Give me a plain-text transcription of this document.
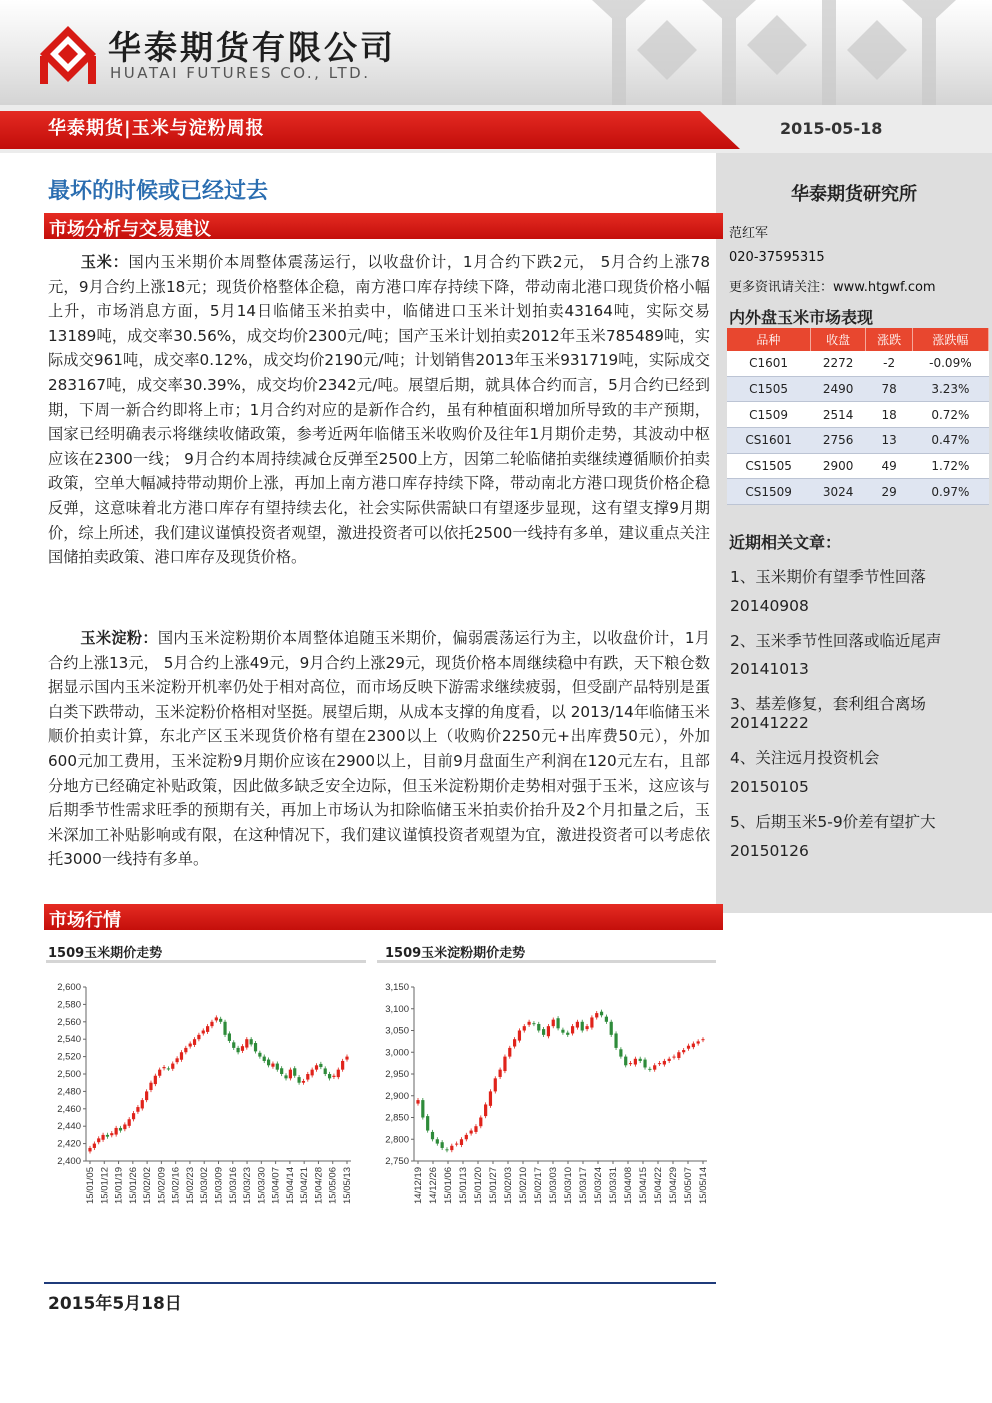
华泰期货有限公司
HUATAI FUTURES CO., LTD.
华泰期货|玉米与淀粉周报	2015-05-18
最坏的时候或已经过去
市场分析与交易建议

玉米：国内玉米期价本周整体震荡运行，以收盘价计，1月合约下跌2元， 5月合约上涨78元，9月合约上涨18元；现货价格整体企稳，南方港口库存持续下降，带动南北港口现货价格小幅上升，市场消息方面，5月14日临储玉米拍卖中，临储进口玉米计划拍卖43164吨，实际交易13189吨，成交率30.56%，成交均价2300元/吨；国产玉米计划拍卖2012年玉米785489吨，实际成交961吨，成交率0.12%，成交均价2190元/吨；计划销售2013年玉米931719吨，实际成交283167吨，成交率30.39%，成交均价2342元/吨。展望后期，就具体合约而言，5月合约已经到期，下周一新合约即将上市；1月合约对应的是新作合约，虽有种植面积增加所导致的丰产预期，国家已经明确表示将继续收储政策，参考近两年临储玉米收购价及往年1月期价走势，其波动中枢应该在2300一线； 9月合约本周持续减仓反弹至2500上方，因第二轮临储拍卖继续遵循顺价拍卖政策，空单大幅减持带动期价上涨，再加上南方港口库存持续下降，带动南北方港口现货价格企稳反弹，这意味着北方港口库存有望持续去化，社会实际供需缺口有望逐步显现，这有望支撑9月期价，综上所述，我们建议谨慎投资者观望，激进投资者可以依托2500一线持有多单，建议重点关注国储拍卖政策、港口库存及现货价格。

玉米淀粉：国内玉米淀粉期价本周整体追随玉米期价，偏弱震荡运行为主，以收盘价计，1月合约上涨13元， 5月合约上涨49元，9月合约上涨29元，现货价格本周继续稳中有跌，天下粮仓数据显示国内玉米淀粉开机率仍处于相对高位，而市场反映下游需求继续疲弱，但受副产品特别是蛋白类下跌带动，玉米淀粉价格相对坚挺。展望后期，从成本支撑的角度看，以 2013/14年临储玉米顺价拍卖计算，东北产区玉米现货价格有望在2300以上（收购价2250元+出库费50元），外加600元加工费用，玉米淀粉9月期价应该在2900以上，目前9月盘面生产利润在120元左右，且部分地方已经确定补贴政策，因此做多缺乏安全边际，但玉米淀粉期价走势相对强于玉米，这应该与后期季节性需求旺季的预期有关，再加上市场认为扣除临储玉米拍卖价抬升及2个月扣量之后，玉米深加工补贴影响或有限，在这种情况下，我们建议谨慎投资者观望为宜，激进投资者可以考虑依托3000一线持有多单。

市场行情
华泰期货研究所
范红军
020-37595315
更多资讯请关注：www.htgwf.com
内外盘玉米市场表现
品种	收盘	涨跌	涨跌幅
C1601	2272	-2	-0.09%
C1505	2490	78	3.23%
C1509	2514	18	0.72%
CS1601	2756	13	0.47%
CS1505	2900	49	1.72%
CS1509	3024	29	0.97%
近期相关文章：
1、玉米期价有望季节性回落
20140908
2、玉米季节性回落或临近尾声
20141013
3、基差修复，套利组合离场
20141222
4、关注远月投资机会
20150105
5、后期玉米5-9价差有望扩大
20150126
1509玉米期价走势
2,400
2,420
2,440
2,460
2,480
2,500
2,520
2,540
2,560
2,580
2,600
15/01/05 15/01/12 15/01/19 15/01/26 15/02/02 15/02/09 15/02/16 15/02/23 15/03/02 15/03/09 15/03/16 15/03/23 15/03/30 15/04/07 15/04/14 15/04/21 15/04/28 15/05/06 15/05/13
1509玉米淀粉期价走势
2,750
2,800
2,850
2,900
2,950
3,000
3,050
3,100
3,150
14/12/19 14/12/26 15/01/06 15/01/13 15/01/20 15/01/27 15/02/03 15/02/10 15/02/17 15/03/03 15/03/10 15/03/17 15/03/24 15/03/31 15/04/08 15/04/15 15/04/22 15/04/29 15/05/07 15/05/14
2015年5月18日
